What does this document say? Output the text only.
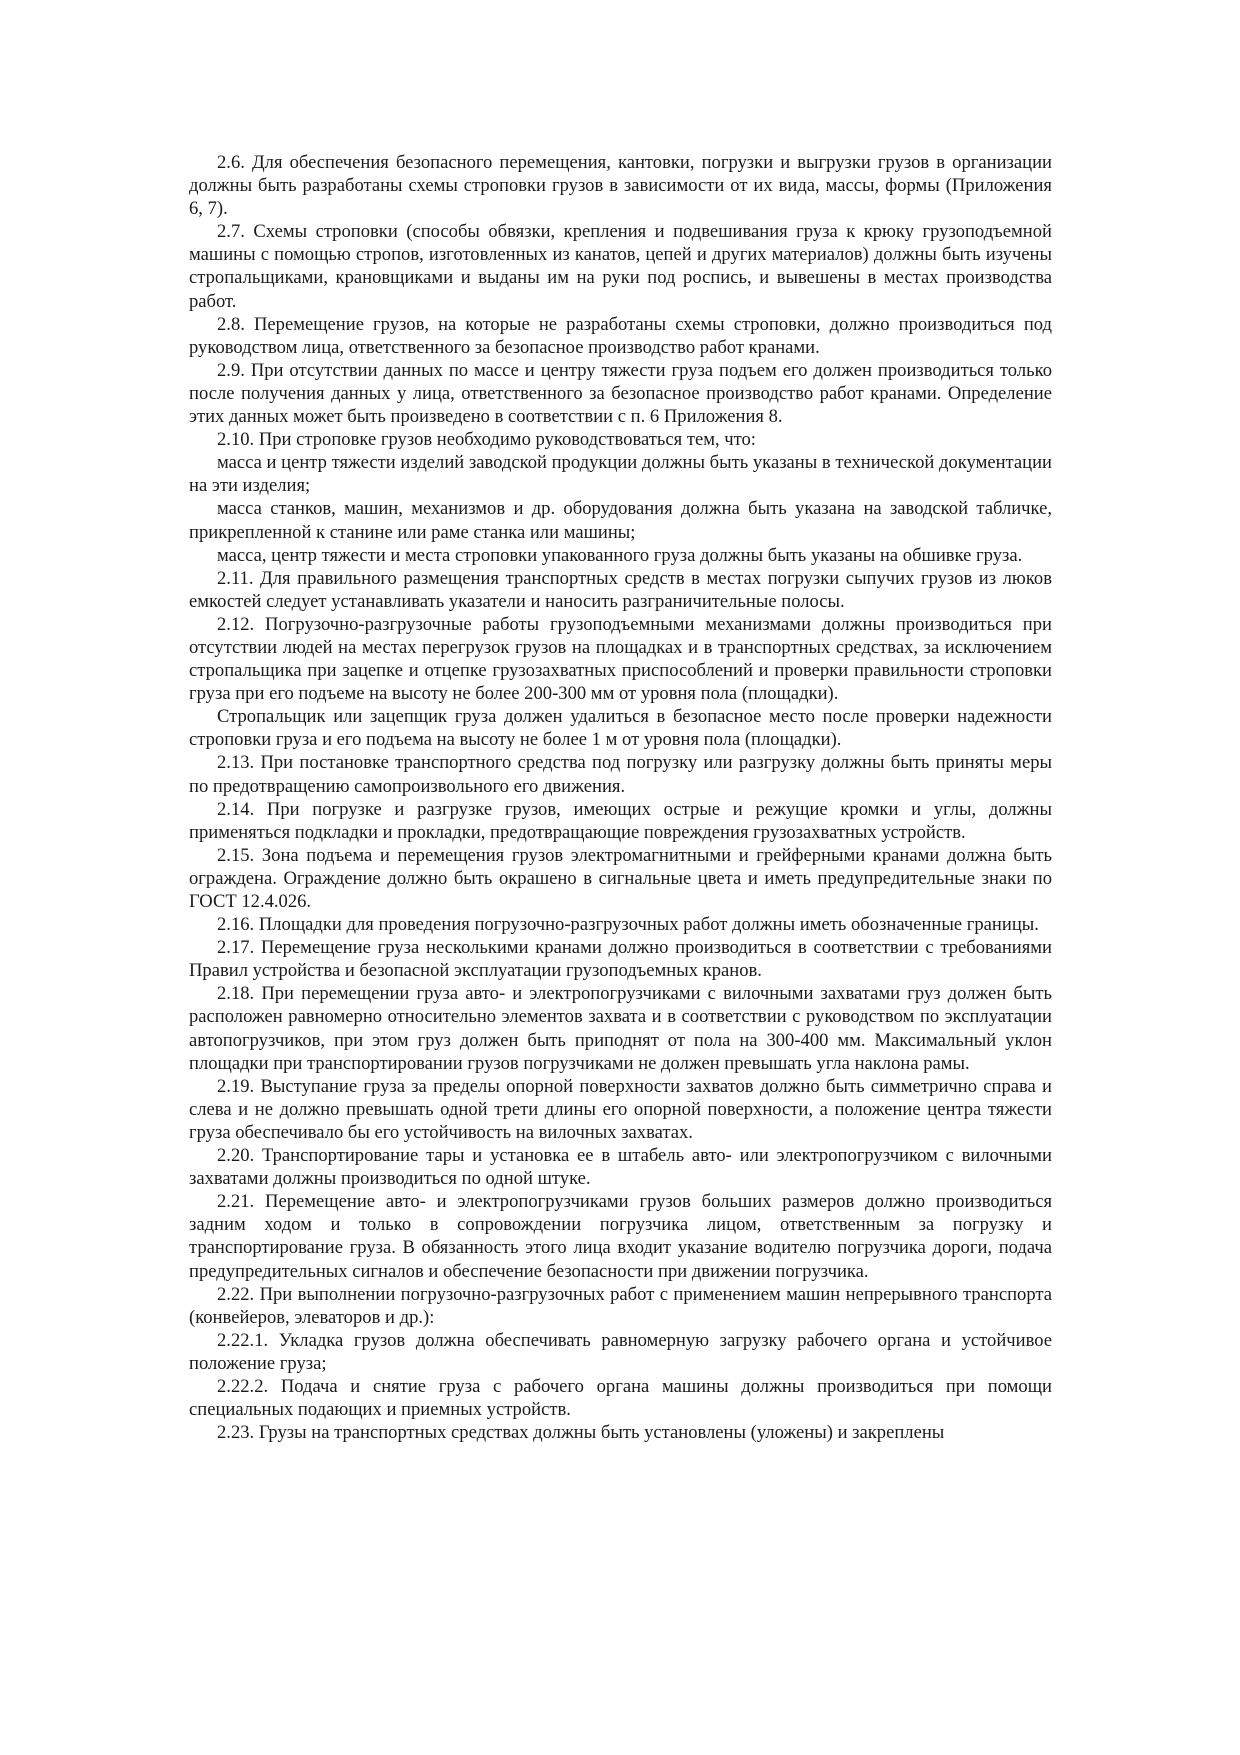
2.6. Для обеспечения безопасного перемещения, кантовки, погрузки и выгрузки грузов в организации должны быть разработаны схемы строповки грузов в зависимости от их вида, массы, формы (Приложения 6, 7).

2.7. Схемы строповки (способы обвязки, крепления и подвешивания груза к крюку грузоподъемной машины с помощью стропов, изготовленных из канатов, цепей и других материалов) должны быть изучены стропальщиками, крановщиками и выданы им на руки под роспись, и вывешены в местах производства работ.

2.8. Перемещение грузов, на которые не разработаны схемы строповки, должно производиться под руководством лица, ответственного за безопасное производство работ кранами.

2.9. При отсутствии данных по массе и центру тяжести груза подъем его должен производиться только после получения данных у лица, ответственного за безопасное производство работ кранами. Определение этих данных может быть произведено в соответствии с п. 6 Приложения 8.

2.10. При строповке грузов необходимо руководствоваться тем, что:

масса и центр тяжести изделий заводской продукции должны быть указаны в технической документации на эти изделия;

масса станков, машин, механизмов и др. оборудования должна быть указана на заводской табличке, прикрепленной к станине или раме станка или машины;

масса, центр тяжести и места строповки упакованного груза должны быть указаны на обшивке груза.

2.11. Для правильного размещения транспортных средств в местах погрузки сыпучих грузов из люков емкостей следует устанавливать указатели и наносить разграничительные полосы.

2.12. Погрузочно-разгрузочные работы грузоподъемными механизмами должны производиться при отсутствии людей на местах перегрузок грузов на площадках и в транспортных средствах, за исключением стропальщика при зацепке и отцепке грузозахватных приспособлений и проверки правильности строповки груза при его подъеме на высоту не более 200-300 мм от уровня пола (площадки).

Стропальщик или зацепщик груза должен удалиться в безопасное место после проверки надежности строповки груза и его подъема на высоту не более 1 м от уровня пола (площадки).

2.13. При постановке транспортного средства под погрузку или разгрузку должны быть приняты меры по предотвращению самопроизвольного его движения.

2.14. При погрузке и разгрузке грузов, имеющих острые и режущие кромки и углы, должны применяться подкладки и прокладки, предотвращающие повреждения грузозахватных устройств.

2.15. Зона подъема и перемещения грузов электромагнитными и грейферными кранами должна быть ограждена. Ограждение должно быть окрашено в сигнальные цвета и иметь предупредительные знаки по ГОСТ 12.4.026.

2.16. Площадки для проведения погрузочно-разгрузочных работ должны иметь обозначенные границы.

2.17. Перемещение груза несколькими кранами должно производиться в соответствии с требованиями Правил устройства и безопасной эксплуатации грузоподъемных кранов.

2.18. При перемещении груза авто- и электропогрузчиками с вилочными захватами груз должен быть расположен равномерно относительно элементов захвата и в соответствии с руководством по эксплуатации автопогрузчиков, при этом груз должен быть приподнят от пола на 300-400 мм. Максимальный уклон площадки при транспортировании грузов погрузчиками не должен превышать угла наклона рамы.

2.19. Выступание груза за пределы опорной поверхности захватов должно быть симметрично справа и слева и не должно превышать одной трети длины его опорной поверхности, а положение центра тяжести груза обеспечивало бы его устойчивость на вилочных захватах.

2.20. Транспортирование тары и установка ее в штабель авто- или электропогрузчиком с вилочными захватами должны производиться по одной штуке.

2.21. Перемещение авто- и электропогрузчиками грузов больших размеров должно производиться задним ходом и только в сопровождении погрузчика лицом, ответственным за погрузку и транспортирование груза. В обязанность этого лица входит указание водителю погрузчика дороги, подача предупредительных сигналов и обеспечение безопасности при движении погрузчика.

2.22. При выполнении погрузочно-разгрузочных работ с применением машин непрерывного транспорта (конвейеров, элеваторов и др.):

2.22.1. Укладка грузов должна обеспечивать равномерную загрузку рабочего органа и устойчивое положение груза;

2.22.2. Подача и снятие груза с рабочего органа машины должны производиться при помощи специальных подающих и приемных устройств.

2.23. Грузы на транспортных средствах должны быть установлены (уложены) и закреплены
